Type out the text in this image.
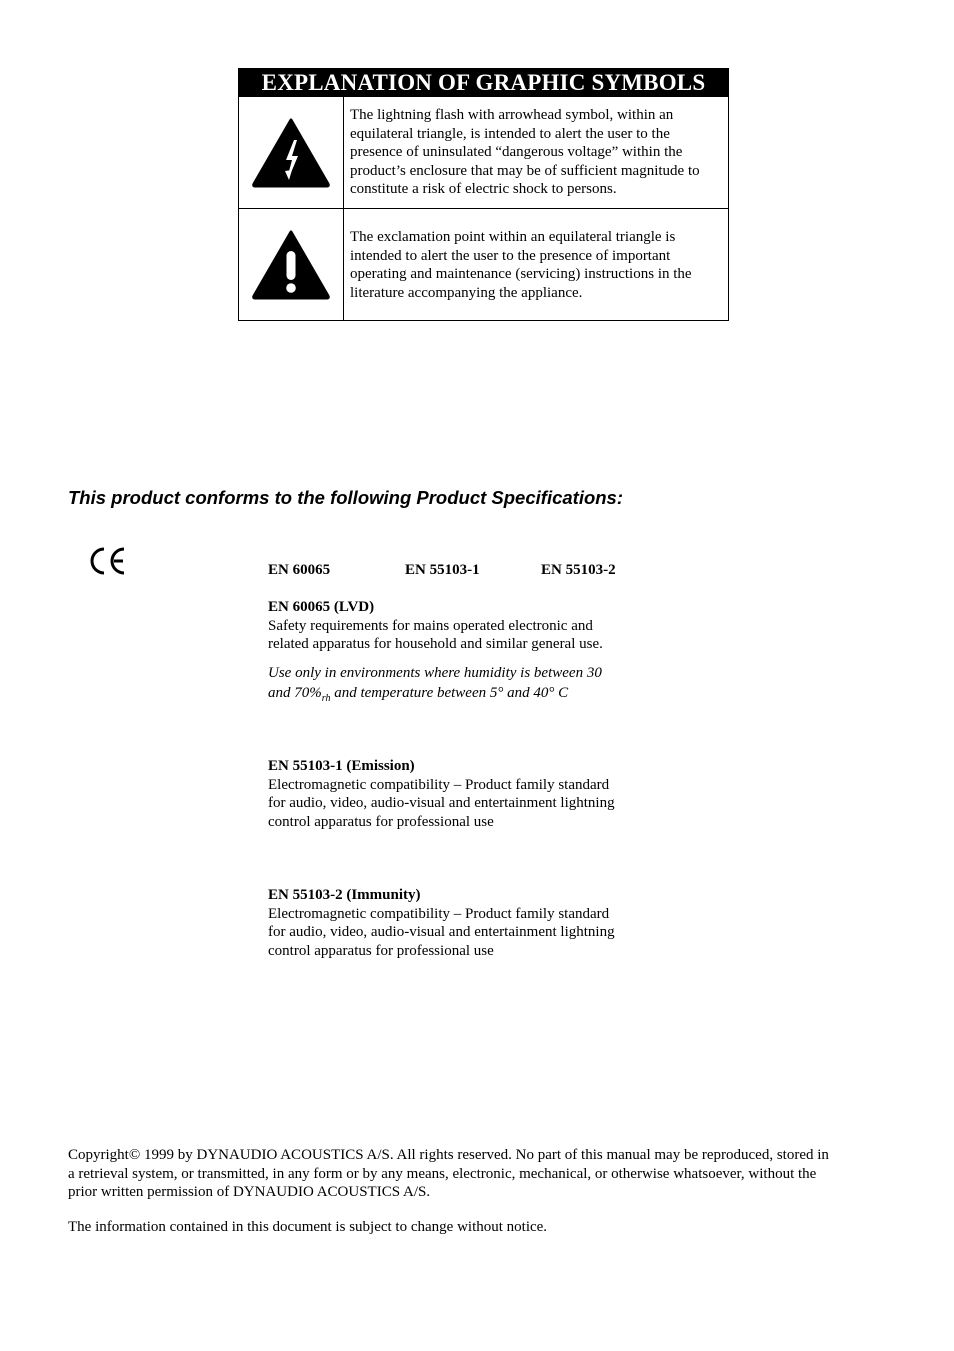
EXPLANATION OF GRAPHIC SYMBOLS
The lightning flash with arrowhead symbol, within an equilateral triangle, is intended to alert the user to the presence of uninsulated “dangerous voltage” within the product’s enclosure that may be of sufficient magnitude to constitute a risk of electric shock to persons.
The exclamation point within an equilateral triangle is intended to alert the user to the presence of important operating and maintenance (servicing) instructions in the literature accompanying the appliance.
This product conforms to the following Product Specifications:
EN 60065	EN 55103-1	EN 55103-2
EN 60065 (LVD)
Safety requirements for mains operated electronic and related apparatus for household and similar general use.
Use only in environments where humidity is between 30 and $70\%_{rh}$ and temperature between 5° and 40° C
EN 55103-1 (Emission)
Electromagnetic compatibility – Product family standard for audio, video, audio-visual and entertainment lightning control apparatus for professional use
EN 55103-2 (Immunity)
Electromagnetic compatibility – Product family standard for audio, video, audio-visual and entertainment lightning control apparatus for professional use
Copyright© 1999 by DYNAUDIO ACOUSTICS A/S. All rights reserved. No part of this manual may be reproduced, stored in a retrieval system, or transmitted, in any form or by any means, electronic, mechanical, or otherwise whatsoever, without the prior written permission of DYNAUDIO ACOUSTICS A/S.
The information contained in this document is subject to change without notice.
